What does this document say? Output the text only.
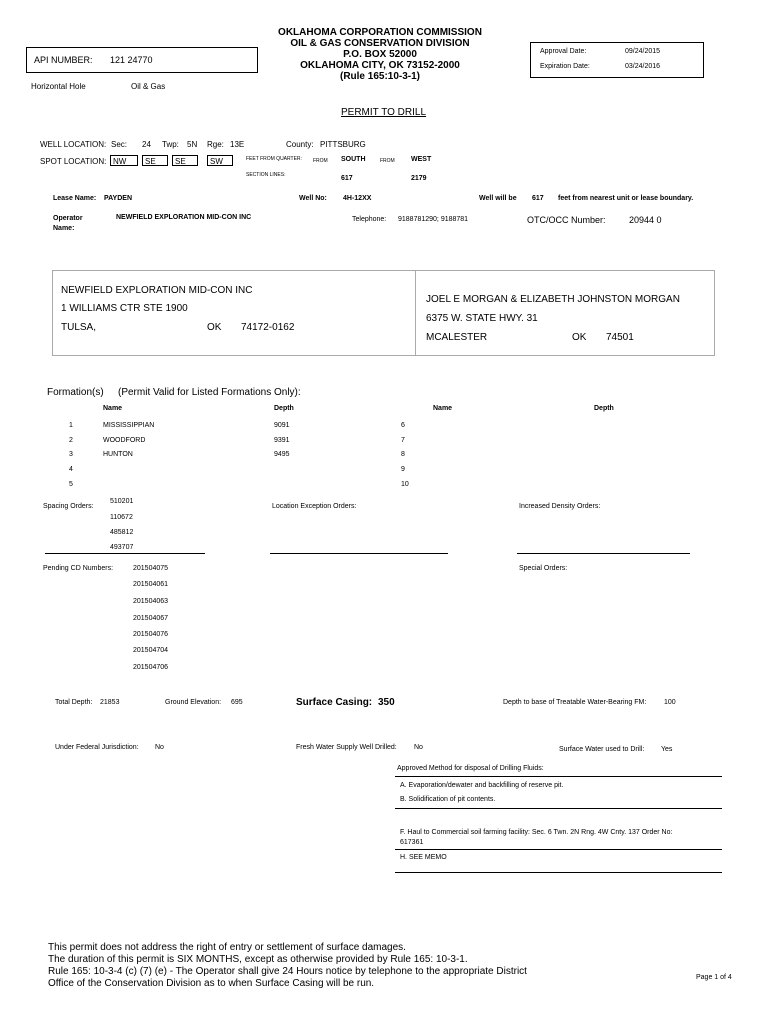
OKLAHOMA CORPORATION COMMISSION
OIL & GAS CONSERVATION DIVISION
P.O. BOX 52000
OKLAHOMA CITY, OK 73152-2000
(Rule 165:10-3-1)
API NUMBER: 121 24770
Horizontal Hole	Oil & Gas
Approval Date:	09/24/2015
Expiration Date:	03/24/2016
PERMIT TO DRILL
WELL LOCATION: Sec: 24 Twp: 5N Rge: 13E	County: PITTSBURG
SPOT LOCATION: NW	SE	SE	SW	FEET FROM QUARTER: FROM SOUTH	FROM WEST
SECTION LINES:	617	2179
Lease Name: PAYDEN	Well No: 4H-12XX	Well will be 617 feet from nearest unit or lease boundary.
Operator
Name:
NEWFIELD EXPLORATION MID-CON INC	Telephone: 9188781290; 9188781	OTC/OCC Number:	20944 0
NEWFIELD EXPLORATION MID-CON INC
1 WILLIAMS CTR STE 1900
TULSA,	OK 74172-0162
JOEL E MORGAN & ELIZABETH JOHNSTON MORGAN
6375 W. STATE HWY. 31
MCALESTER	OK 74501
Formation(s) (Permit Valid for Listed Formations Only):
Name	Depth	Name	Depth
1	MISSISSIPPIAN	9091	6
2	WOODFORD	9391	7
3	HUNTON	9495	8
4	9
5	10
Spacing Orders:
510201
110672
485812
493707
Location Exception Orders:	Increased Density Orders:
Pending CD Numbers:	201504075
201504061
201504063
201504067
201504076
201504704
201504706
Special Orders:
Total Depth: 21853	Ground Elevation: 695	Surface Casing: 350	Depth to base of Treatable Water-Bearing FM:	100
Under Federal Jurisdiction: No	Fresh Water Supply Well Drilled: No	Surface Water used to Drill: Yes
Approved Method for disposal of Drilling Fluids:
A. Evaporation/dewater and backfilling of reserve pit.
B. Solidification of pit contents.
F. Haul to Commercial soil farming facility: Sec. 6 Twn. 2N Rng. 4W Cnty. 137 Order No:
617361
H. SEE MEMO
This permit does not address the right of entry or settlement of surface damages.
The duration of this permit is SIX MONTHS, except as otherwise provided by Rule 165: 10-3-1.
Rule 165: 10-3-4 (c) (7) (e) - The Operator shall give 24 Hours notice by telephone to the appropriate District
Office of the Conservation Division as to when Surface Casing will be run.
Page 1 of 4
